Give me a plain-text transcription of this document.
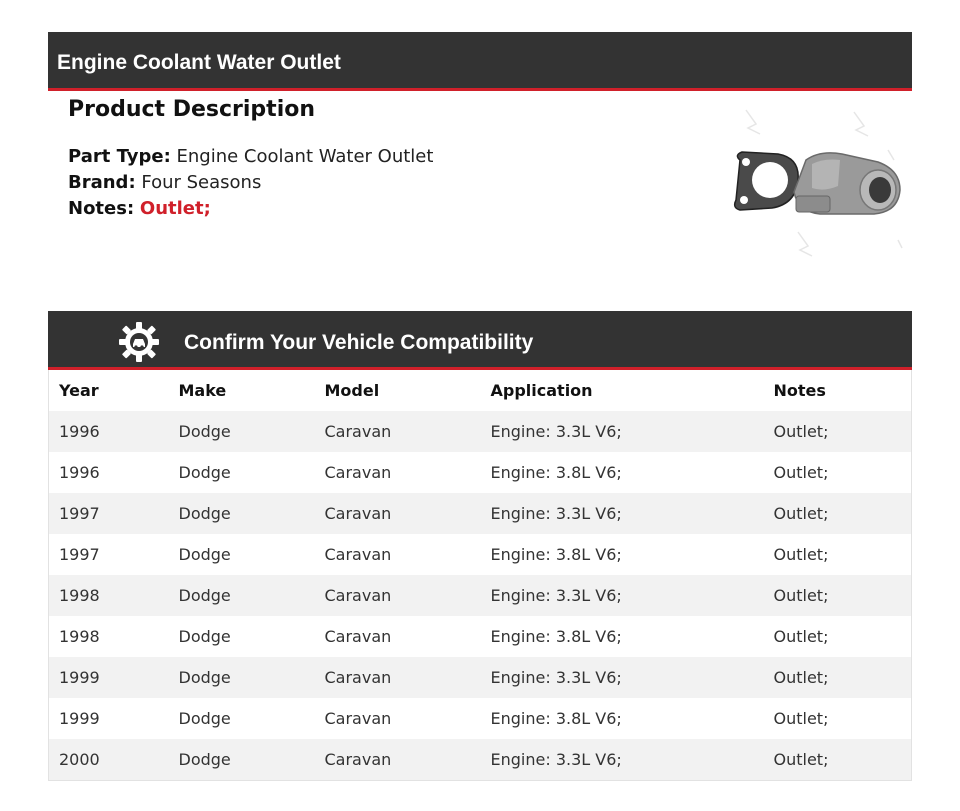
Engine Coolant Water Outlet
Product Description
Part Type: Engine Coolant Water Outlet
Brand: Four Seasons
Notes: Outlet;
Confirm Your Vehicle Compatibility
Year	Make	Model	Application	Notes
1996	Dodge	Caravan	Engine: 3.3L V6;	Outlet;
1996	Dodge	Caravan	Engine: 3.8L V6;	Outlet;
1997	Dodge	Caravan	Engine: 3.3L V6;	Outlet;
1997	Dodge	Caravan	Engine: 3.8L V6;	Outlet;
1998	Dodge	Caravan	Engine: 3.3L V6;	Outlet;
1998	Dodge	Caravan	Engine: 3.8L V6;	Outlet;
1999	Dodge	Caravan	Engine: 3.3L V6;	Outlet;
1999	Dodge	Caravan	Engine: 3.8L V6;	Outlet;
2000	Dodge	Caravan	Engine: 3.3L V6;	Outlet;
